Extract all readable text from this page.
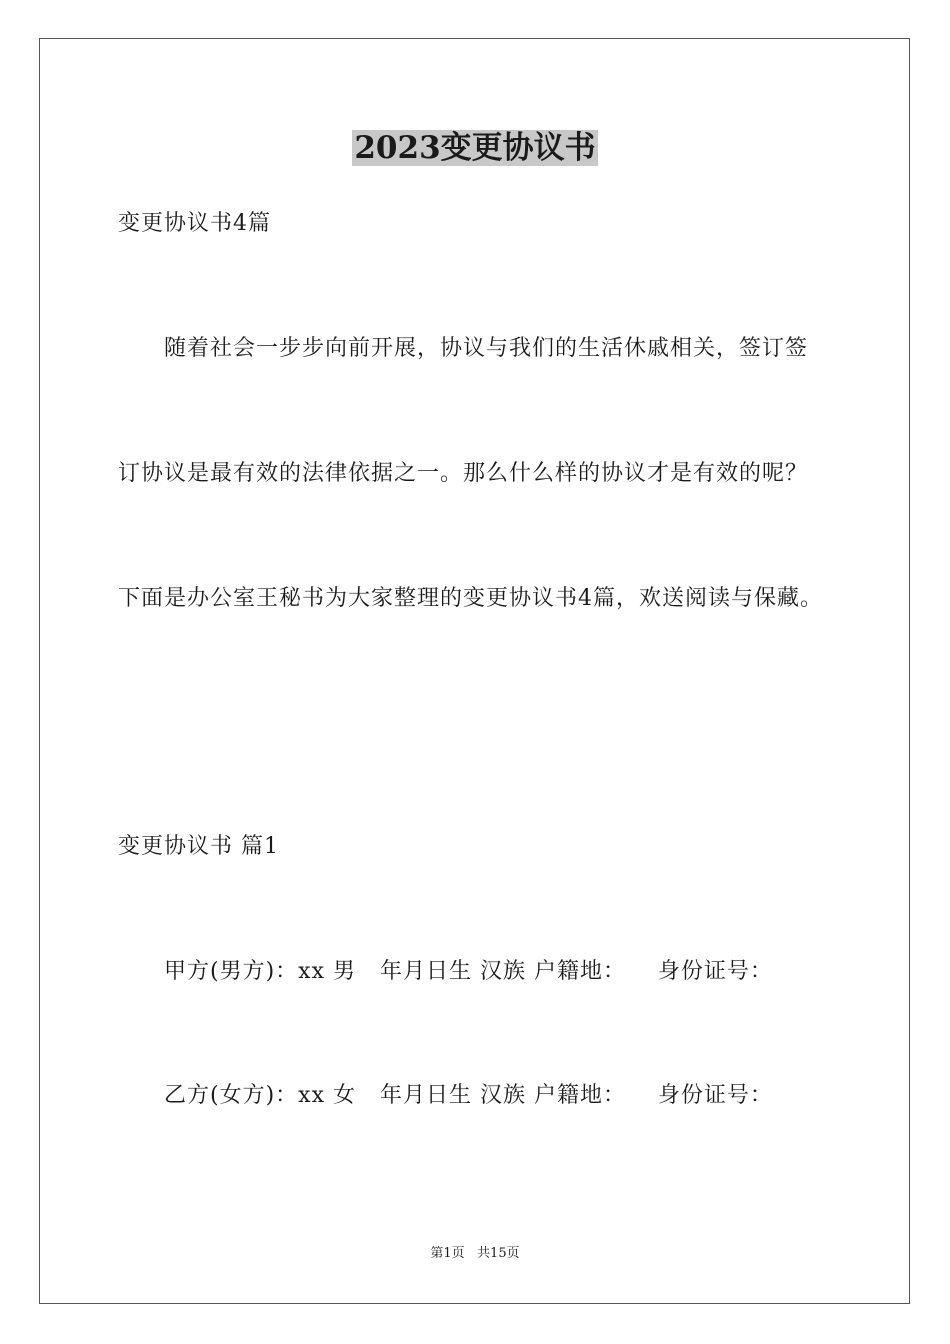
2023变更协议书

变更协议书4篇

随着社会一步步向前开展，协议与我们的生活休戚相关，签订签

订协议是最有效的法律依据之一。那么什么样的协议才是有效的呢？

下面是办公室王秘书为大家整理的变更协议书4篇，欢送阅读与保藏。

变更协议书 篇1

甲方(男方)：xx 男   年月日生 汉族 户籍地：    身份证号：

乙方(女方)：xx 女   年月日生 汉族 户籍地：    身份证号：

第1页   共15页
